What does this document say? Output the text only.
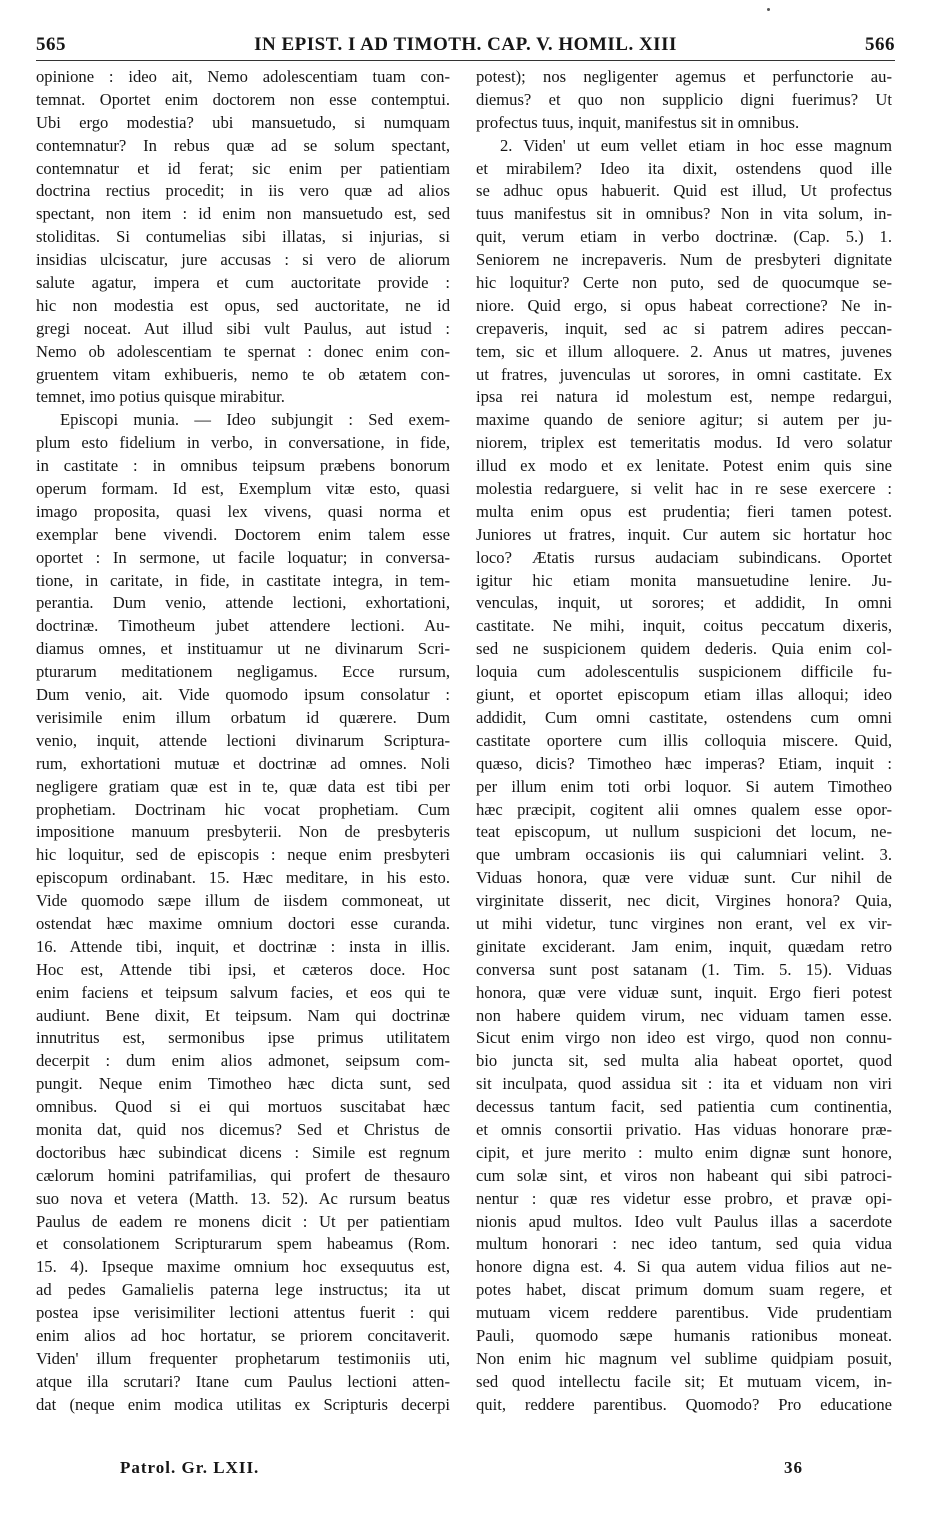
565	IN EPIST. I AD TIMOTH. CAP. V. HOMIL. XIII	566
opinione : ideo ait, Nemo adolescentiam tuam con-
temnat. Oportet enim doctorem non esse contemptui.
Ubi ergo modestia? ubi mansuetudo, si numquam
contemnatur? In rebus quæ ad se solum spectant,
contemnatur et id ferat; sic enim per patientiam
doctrina rectius procedit; in iis vero quæ ad alios
spectant, non item : id enim non mansuetudo est, sed
stoliditas. Si contumelias sibi illatas, si injurias, si
insidias ulciscatur, jure accusas : si vero de aliorum
salute agatur, impera et cum auctoritate provide :
hic non modestia est opus, sed auctoritate, ne id
gregi noceat. Aut illud sibi vult Paulus, aut istud :
Nemo ob adolescentiam te spernat : donec enim con-
gruentem vitam exhibueris, nemo te ob ætatem con-
temnet, imo potius quisque mirabitur.
Episcopi munia. — Ideo subjungit : Sed exem-
plum esto fidelium in verbo, in conversatione, in fide,
in castitate : in omnibus teipsum præbens bonorum
operum formam. Id est, Exemplum vitæ esto, quasi
imago proposita, quasi lex vivens, quasi norma et
exemplar bene vivendi. Doctorem enim talem esse
oportet : In sermone, ut facile loquatur; in conversa-
tione, in caritate, in fide, in castitate integra, in tem-
perantia. Dum venio, attende lectioni, exhortationi,
doctrinæ. Timotheum jubet attendere lectioni. Au-
diamus omnes, et instituamur ut ne divinarum Scri-
pturarum meditationem negligamus. Ecce rursum,
Dum venio, ait. Vide quomodo ipsum consolatur :
verisimile enim illum orbatum id quærere. Dum
venio, inquit, attende lectioni divinarum Scriptura-
rum, exhortationi mutuæ et doctrinæ ad omnes. Noli
negligere gratiam quæ est in te, quæ data est tibi per
prophetiam. Doctrinam hic vocat prophetiam. Cum
impositione manuum presbyterii. Non de presbyteris
hic loquitur, sed de episcopis : neque enim presbyteri
episcopum ordinabant. 15. Hæc meditare, in his esto.
Vide quomodo sæpe illum de iisdem commoneat, ut
ostendat hæc maxime omnium doctori esse curanda.
16. Attende tibi, inquit, et doctrinæ : insta in illis.
Hoc est, Attende tibi ipsi, et cæteros doce. Hoc
enim faciens et teipsum salvum facies, et eos qui te
audiunt. Bene dixit, Et teipsum. Nam qui doctrinæ
innutritus est, sermonibus ipse primus utilitatem
decerpit : dum enim alios admonet, seipsum com-
pungit. Neque enim Timotheo hæc dicta sunt, sed
omnibus. Quod si ei qui mortuos suscitabat hæc
monita dat, quid nos dicemus? Sed et Christus de
doctoribus hæc subindicat dicens : Simile est regnum
cælorum homini patrifamilias, qui profert de thesauro
suo nova et vetera (Matth. 13. 52). Ac rursum beatus
Paulus de eadem re monens dicit : Ut per patientiam
et consolationem Scripturarum spem habeamus (Rom.
15. 4). Ipseque maxime omnium hoc exsequutus est,
ad pedes Gamalielis paterna lege instructus; ita ut
postea ipse verisimiliter lectioni attentus fuerit : qui
enim alios ad hoc hortatur, se priorem concitaverit.
Viden' illum frequenter prophetarum testimoniis uti,
atque illa scrutari? Itane cum Paulus lectioni atten-
dat (neque enim modica utilitas ex Scripturis decerpi
potest); nos negligenter agemus et perfunctorie au-
diemus? et quo non supplicio digni fuerimus? Ut
profectus tuus, inquit, manifestus sit in omnibus.
2. Viden' ut eum vellet etiam in hoc esse magnum
et mirabilem? Ideo ita dixit, ostendens quod ille
se adhuc opus habuerit. Quid est illud, Ut profectus
tuus manifestus sit in omnibus? Non in vita solum, in-
quit, verum etiam in verbo doctrinæ. (Cap. 5.) 1.
Seniorem ne increpaveris. Num de presbyteri dignitate
hic loquitur? Certe non puto, sed de quocumque se-
niore. Quid ergo, si opus habeat correctione? Ne in-
crepaveris, inquit, sed ac si patrem adires peccan-
tem, sic et illum alloquere. 2. Anus ut matres, juvenes
ut fratres, juvenculas ut sorores, in omni castitate. Ex
ipsa rei natura id molestum est, nempe redargui,
maxime quando de seniore agitur; si autem per ju-
niorem, triplex est temeritatis modus. Id vero solatur
illud ex modo et ex lenitate. Potest enim quis sine
molestia redarguere, si velit hac in re sese exercere :
multa enim opus est prudentia; fieri tamen potest.
Juniores ut fratres, inquit. Cur autem sic hortatur hoc
loco? Ætatis rursus audaciam subindicans. Oportet
igitur hic etiam monita mansuetudine lenire. Ju-
venculas, inquit, ut sorores; et addidit, In omni
castitate. Ne mihi, inquit, coitus peccatum dixeris,
sed ne suspicionem quidem dederis. Quia enim col-
loquia cum adolescentulis suspicionem difficile fu-
giunt, et oportet episcopum etiam illas alloqui; ideo
addidit, Cum omni castitate, ostendens cum omni
castitate oportere cum illis colloquia miscere. Quid,
quæso, dicis? Timotheo hæc imperas? Etiam, inquit :
per illum enim toti orbi loquor. Si autem Timotheo
hæc præcipit, cogitent alii omnes qualem esse opor-
teat episcopum, ut nullum suspicioni det locum, ne-
que umbram occasionis iis qui calumniari velint. 3.
Viduas honora, quæ vere viduæ sunt. Cur nihil de
virginitate disserit, nec dicit, Virgines honora? Quia,
ut mihi videtur, tunc virgines non erant, vel ex vir-
ginitate exciderant. Jam enim, inquit, quædam retro
conversa sunt post satanam (1. Tim. 5. 15). Viduas
honora, quæ vere viduæ sunt, inquit. Ergo fieri potest
non habere quidem virum, nec viduam tamen esse.
Sicut enim virgo non ideo est virgo, quod non connu-
bio juncta sit, sed multa alia habeat oportet, quod
sit inculpata, quod assidua sit : ita et viduam non viri
decessus tantum facit, sed patientia cum continentia,
et omnis consortii privatio. Has viduas honorare præ-
cipit, et jure merito : multo enim dignæ sunt honore,
cum solæ sint, et viros non habeant qui sibi patroci-
nentur : quæ res videtur esse probro, et pravæ opi-
nionis apud multos. Ideo vult Paulus illas a sacerdote
multum honorari : nec ideo tantum, sed quia vidua
honore digna est. 4. Si qua autem vidua filios aut ne-
potes habet, discat primum domum suam regere, et
mutuam vicem reddere parentibus. Vide prudentiam
Pauli, quomodo sæpe humanis rationibus moneat.
Non enim hic magnum vel sublime quidpiam posuit,
sed quod intellectu facile sit; Et mutuam vicem, in-
quit, reddere parentibus. Quomodo? Pro educatione
Patrol. Gr. LXII.	36
